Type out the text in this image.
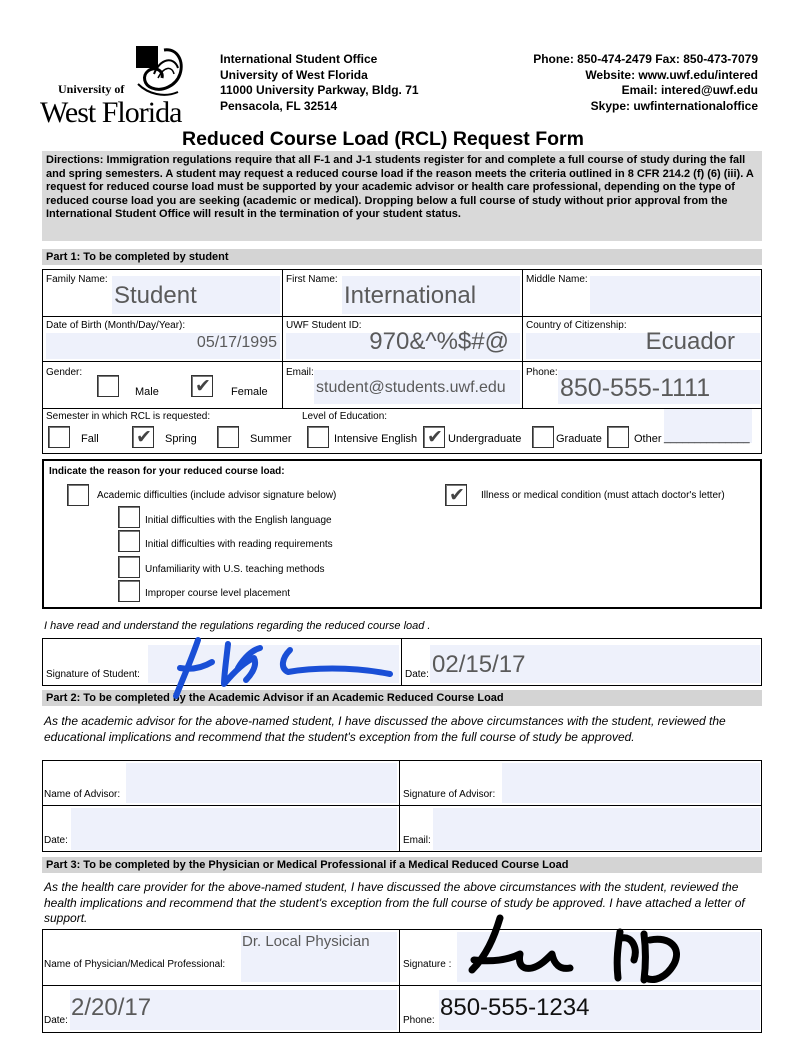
University of
West Florida
International Student Office
University of West Florida
11000 University Parkway, Bldg. 71
Pensacola, FL 32514
Phone: 850-474-2479 Fax: 850-473-7079
Website: www.uwf.edu/intered
Email: intered@uwf.edu
Skype: uwfinternationaloffice
Reduced Course Load (RCL) Request Form
Directions: Immigration regulations require that all F-1 and J-1 students register for and complete a full course of study during the fall and spring semesters. A student may request a reduced course load if the reason meets the criteria outlined in 8 CFR 214.2 (f) (6) (iii). A request for reduced course load must be supported by your academic advisor or health care professional, depending on the type of reduced course load you are seeking (academic or medical). Dropping below a full course of study without prior approval from the International Student Office will result in the termination of your student status.
Part 1: To be completed by student
Family Name:
Student
First Name:
International
Middle Name:
Date of Birth (Month/Day/Year):
05/17/1995
UWF Student ID:
970&^%$#@
Country of Citizenship:
Ecuador
Gender:
Male ✔	Female
Email:
student@students.uwf.edu
Phone:
850-555-1111
Semester in which RCL is requested:	Level of Education:
Fall ✔	Spring	Summer	Intensive English ✔	Undergraduate	Graduate	Other ______________
Indicate the reason for your reduced course load:
Academic difficulties (include advisor signature below) ✔	Illness or medical condition (must attach doctor's letter)
Initial difficulties with the English language
Initial difficulties with reading requirements
Unfamiliarity with U.S. teaching methods
Improper course level placement
I have read and understand the regulations regarding the reduced course load .
Signature of Student:	Date: 02/15/17
Part 2: To be completed by the Academic Advisor if an Academic Reduced Course Load
As the academic advisor for the above-named student, I have discussed the above circumstances with the student, reviewed the educational implications and recommend that the student's exception from the full course of study be approved.
Name of Advisor:	Signature of Advisor:
Date:	Email:
Part 3: To be completed by the Physician or Medical Professional if a Medical Reduced Course Load
As the health care provider for the above-named student, I have discussed the above circumstances with the student, reviewed the health implications and recommend that the student's exception from the full course of study be approved. I have attached a letter of support.
Name of Physician/Medical Professional:
Dr. Local Physician
Signature :
Date: 2/20/17	Phone: 850-555-1234
